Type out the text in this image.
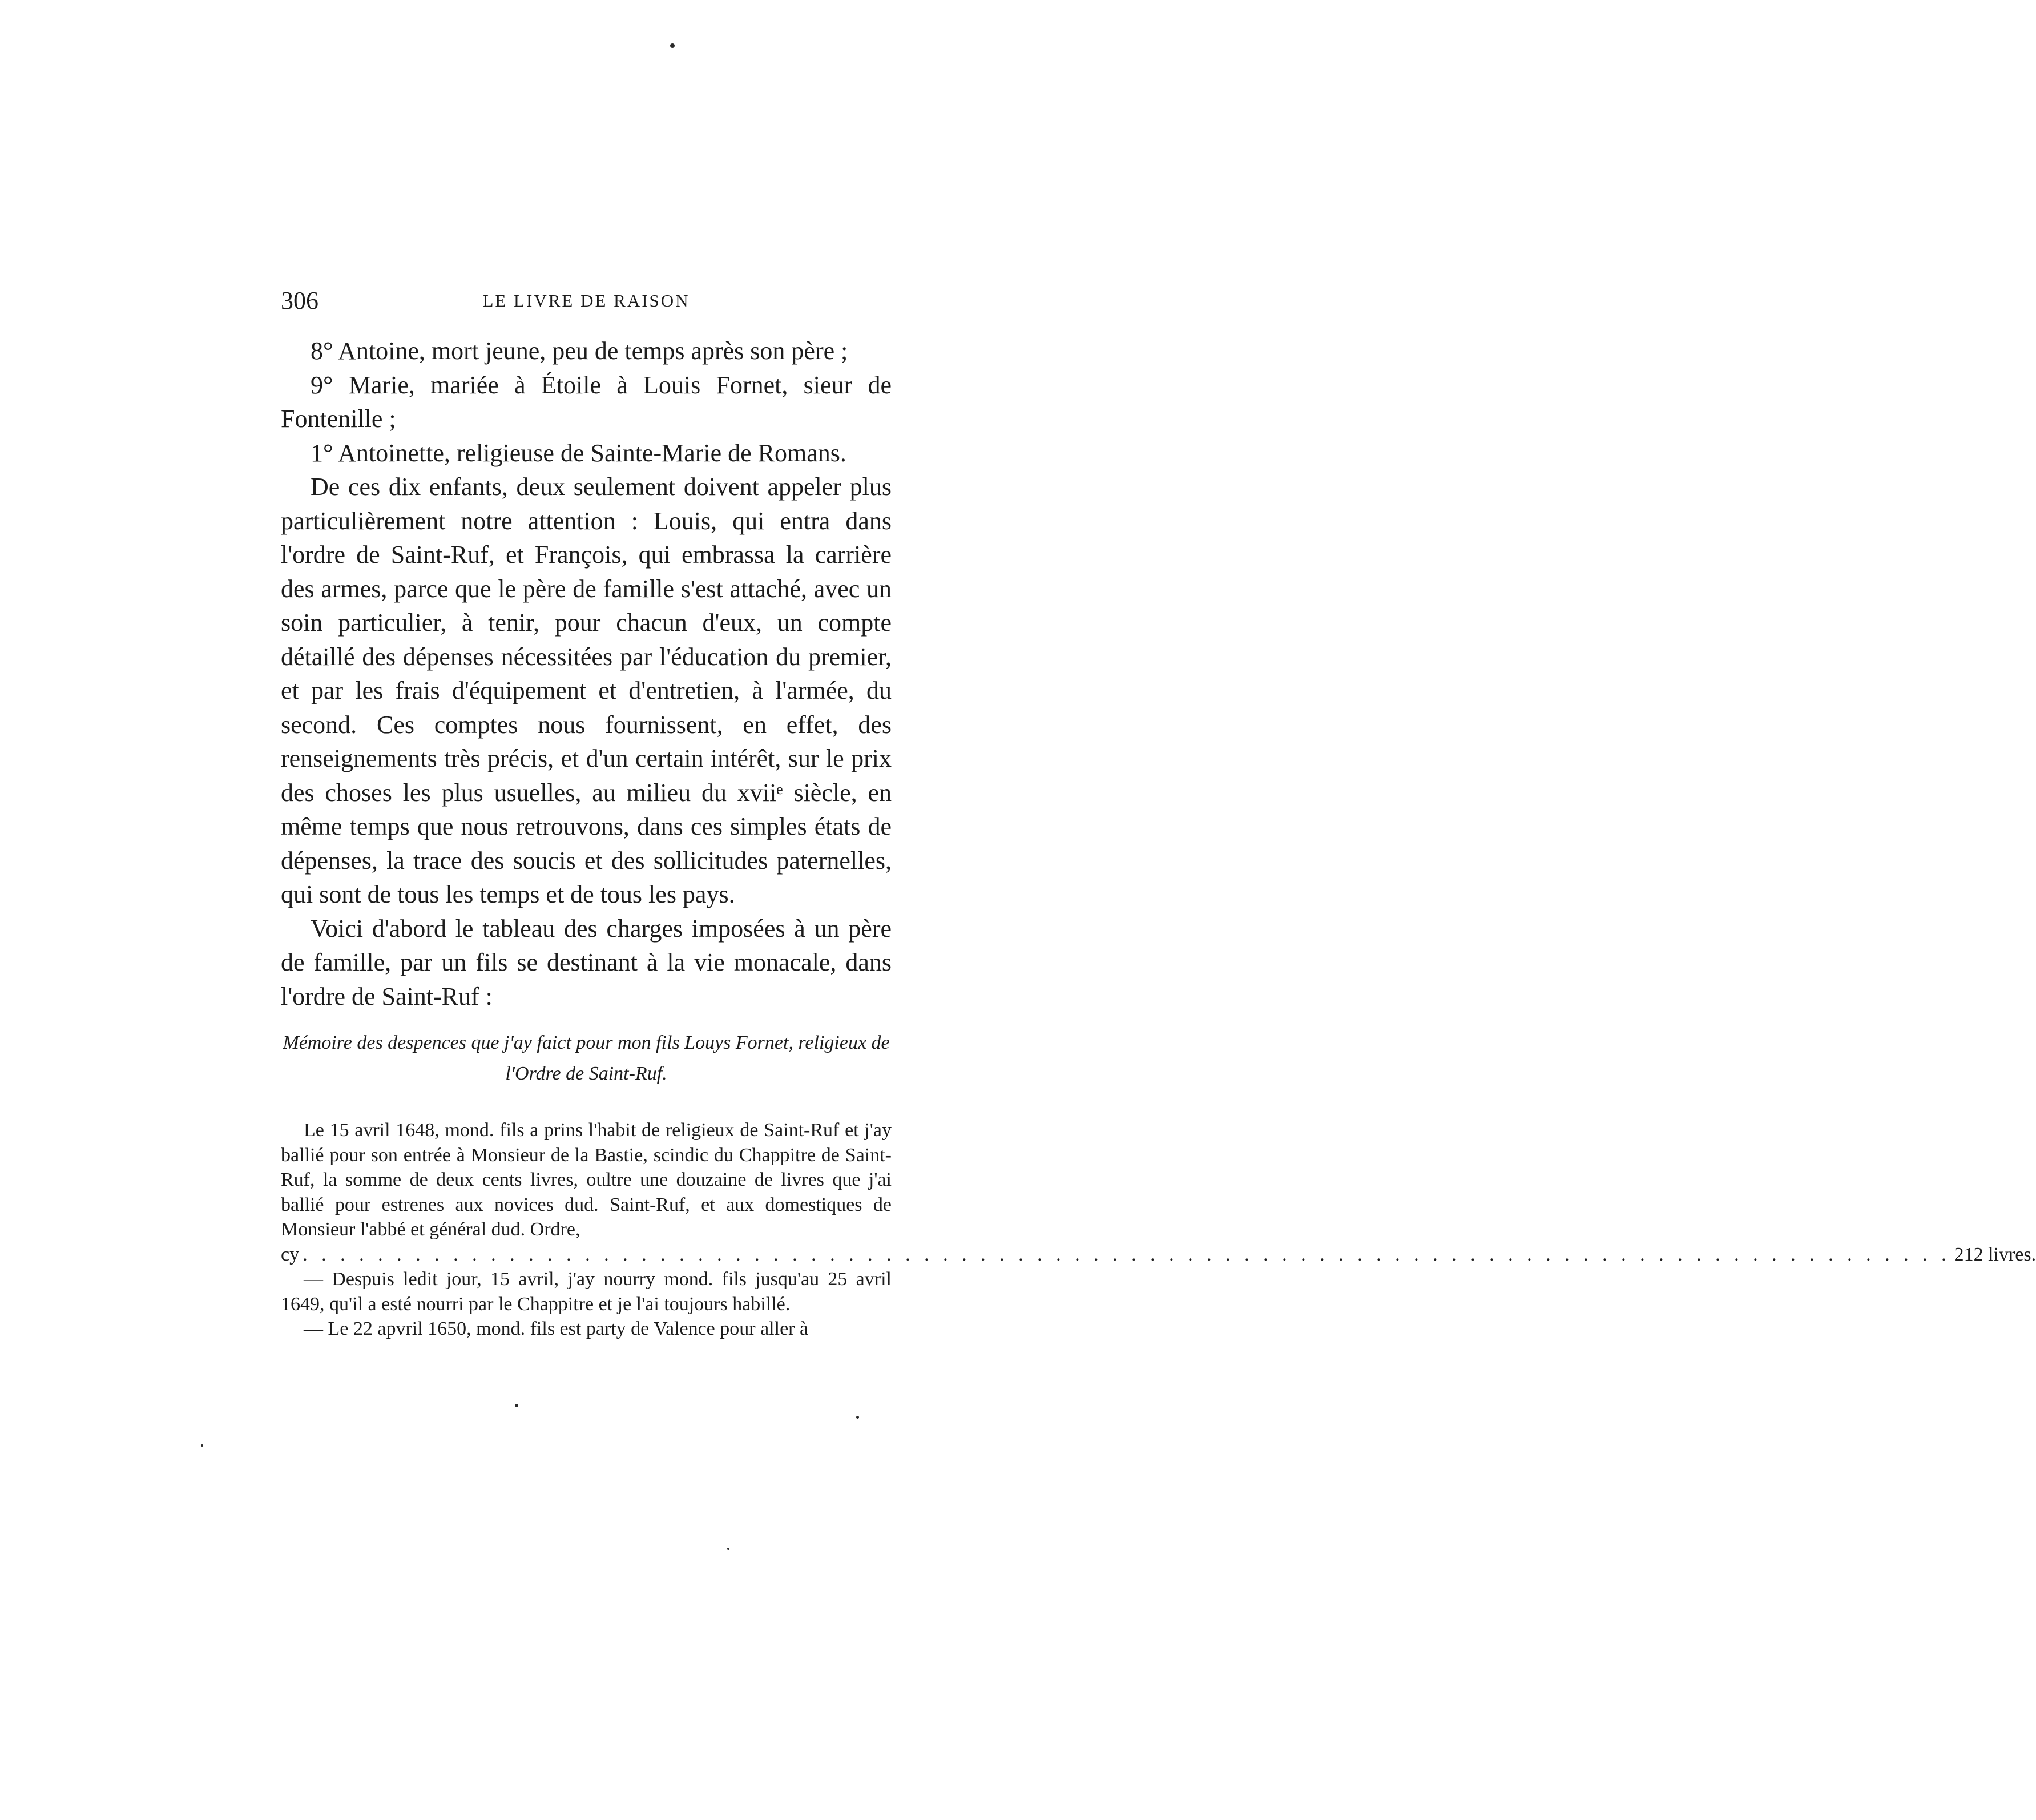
306	LE LIVRE DE RAISON

8° Antoine, mort jeune, peu de temps après son père ;

9° Marie, mariée à Étoile à Louis Fornet, sieur de Fontenille ;

1° Antoinette, religieuse de Sainte-Marie de Romans.

De ces dix enfants, deux seulement doivent appeler plus particulièrement notre attention : Louis, qui entra dans l'ordre de Saint-Ruf, et François, qui embrassa la carrière des armes, parce que le père de famille s'est attaché, avec un soin particulier, à tenir, pour chacun d'eux, un compte détaillé des dépenses nécessitées par l'éducation du premier, et par les frais d'équipement et d'entretien, à l'armée, du second. Ces comptes nous fournissent, en effet, des renseignements très précis, et d'un certain intérêt, sur le prix des choses les plus usuelles, au milieu du xviiᵉ siècle, en même temps que nous retrouvons, dans ces simples états de dépenses, la trace des soucis et des sollicitudes paternelles, qui sont de tous les temps et de tous les pays.

Voici d'abord le tableau des charges imposées à un père de famille, par un fils se destinant à la vie monacale, dans l'ordre de Saint-Ruf :

Mémoire des despences que j'ay faict pour mon fils Louys Fornet, religieux de l'Ordre de Saint-Ruf.

Le 15 avril 1648, mond. fils a prins l'habit de religieux de Saint-Ruf et j'ay ballié pour son entrée à Monsieur de la Bastie, scindic du Chappitre de Saint-Ruf, la somme de deux cents livres, oultre une douzaine de livres que j'ai ballié pour estrenes aux novices dud. Saint-Ruf, et aux domestiques de Monsieur l'abbé et général dud. Ordre,

cy . . . . . . . . . . . . . . . . . . . . . . . . . . . . . . . . . . . . . . . . . . . . . . . . . . . . . . . . . . . . . . . . . . . . . . . . . . . . . . . . . . . . . . . . 212 livres.

— Despuis ledit jour, 15 avril, j'ay nourry mond. fils jusqu'au 25 avril 1649, qu'il a esté nourri par le Chappitre et je l'ai toujours habillé.

— Le 22 apvril 1650, mond. fils est party de Valence pour aller à
